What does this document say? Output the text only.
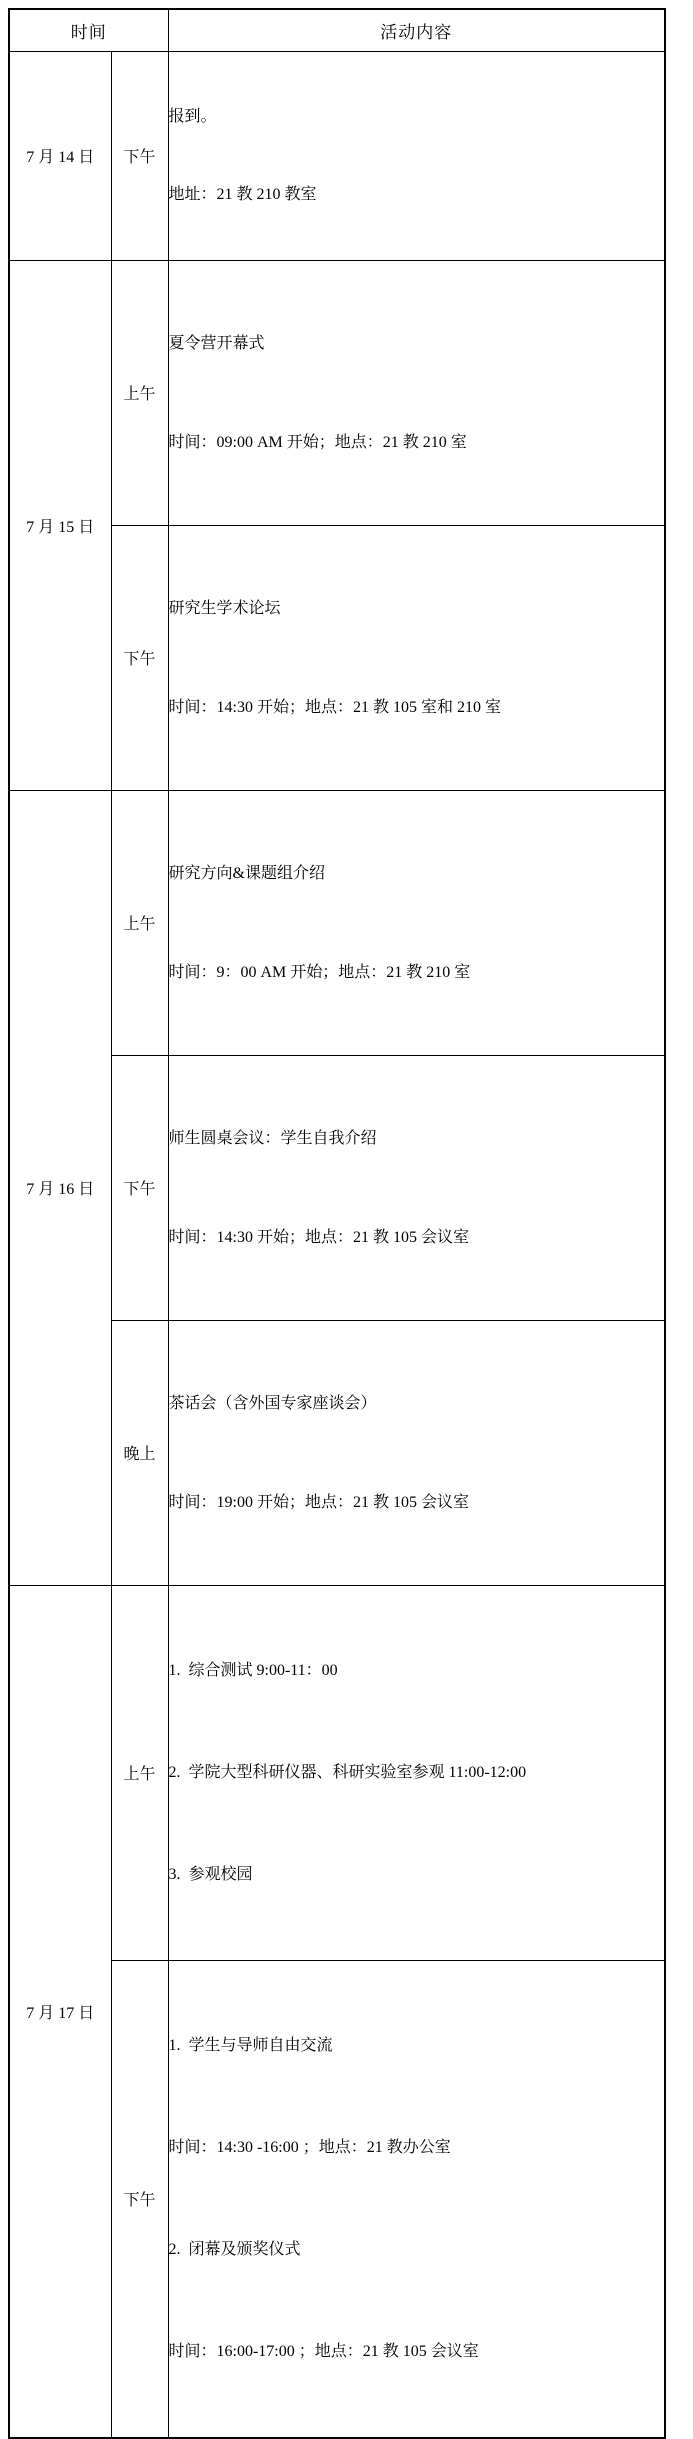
时间		活动内容
7 月 14 日	下午	报到。

地址：21 教 210 教室

7 月 15 日	上午	夏令营开幕式

时间：09:00 AM 开始；地点：21 教 210 室

	下午	研究生学术论坛

时间：14:30 开始；地点：21 教 105 室和 210 室

7 月 16 日	上午	研究方向&课题组介绍

时间：9：00 AM 开始；地点：21 教 210 室

	下午	师生圆桌会议：学生自我介绍

时间：14:30 开始；地点：21 教 105 会议室

	晚上	茶话会（含外国专家座谈会）

时间：19:00 开始；地点：21 教 105 会议室

7 月 17 日	上午	1.  综合测试 9:00-11：00

2.  学院大型科研仪器、科研实验室参观 11:00-12:00

3.  参观校园

	下午	1.  学生与导师自由交流

时间：14:30 -16:00 ；地点：21 教办公室

2.  闭幕及颁奖仪式

时间：16:00-17:00 ；地点：21 教 105 会议室
